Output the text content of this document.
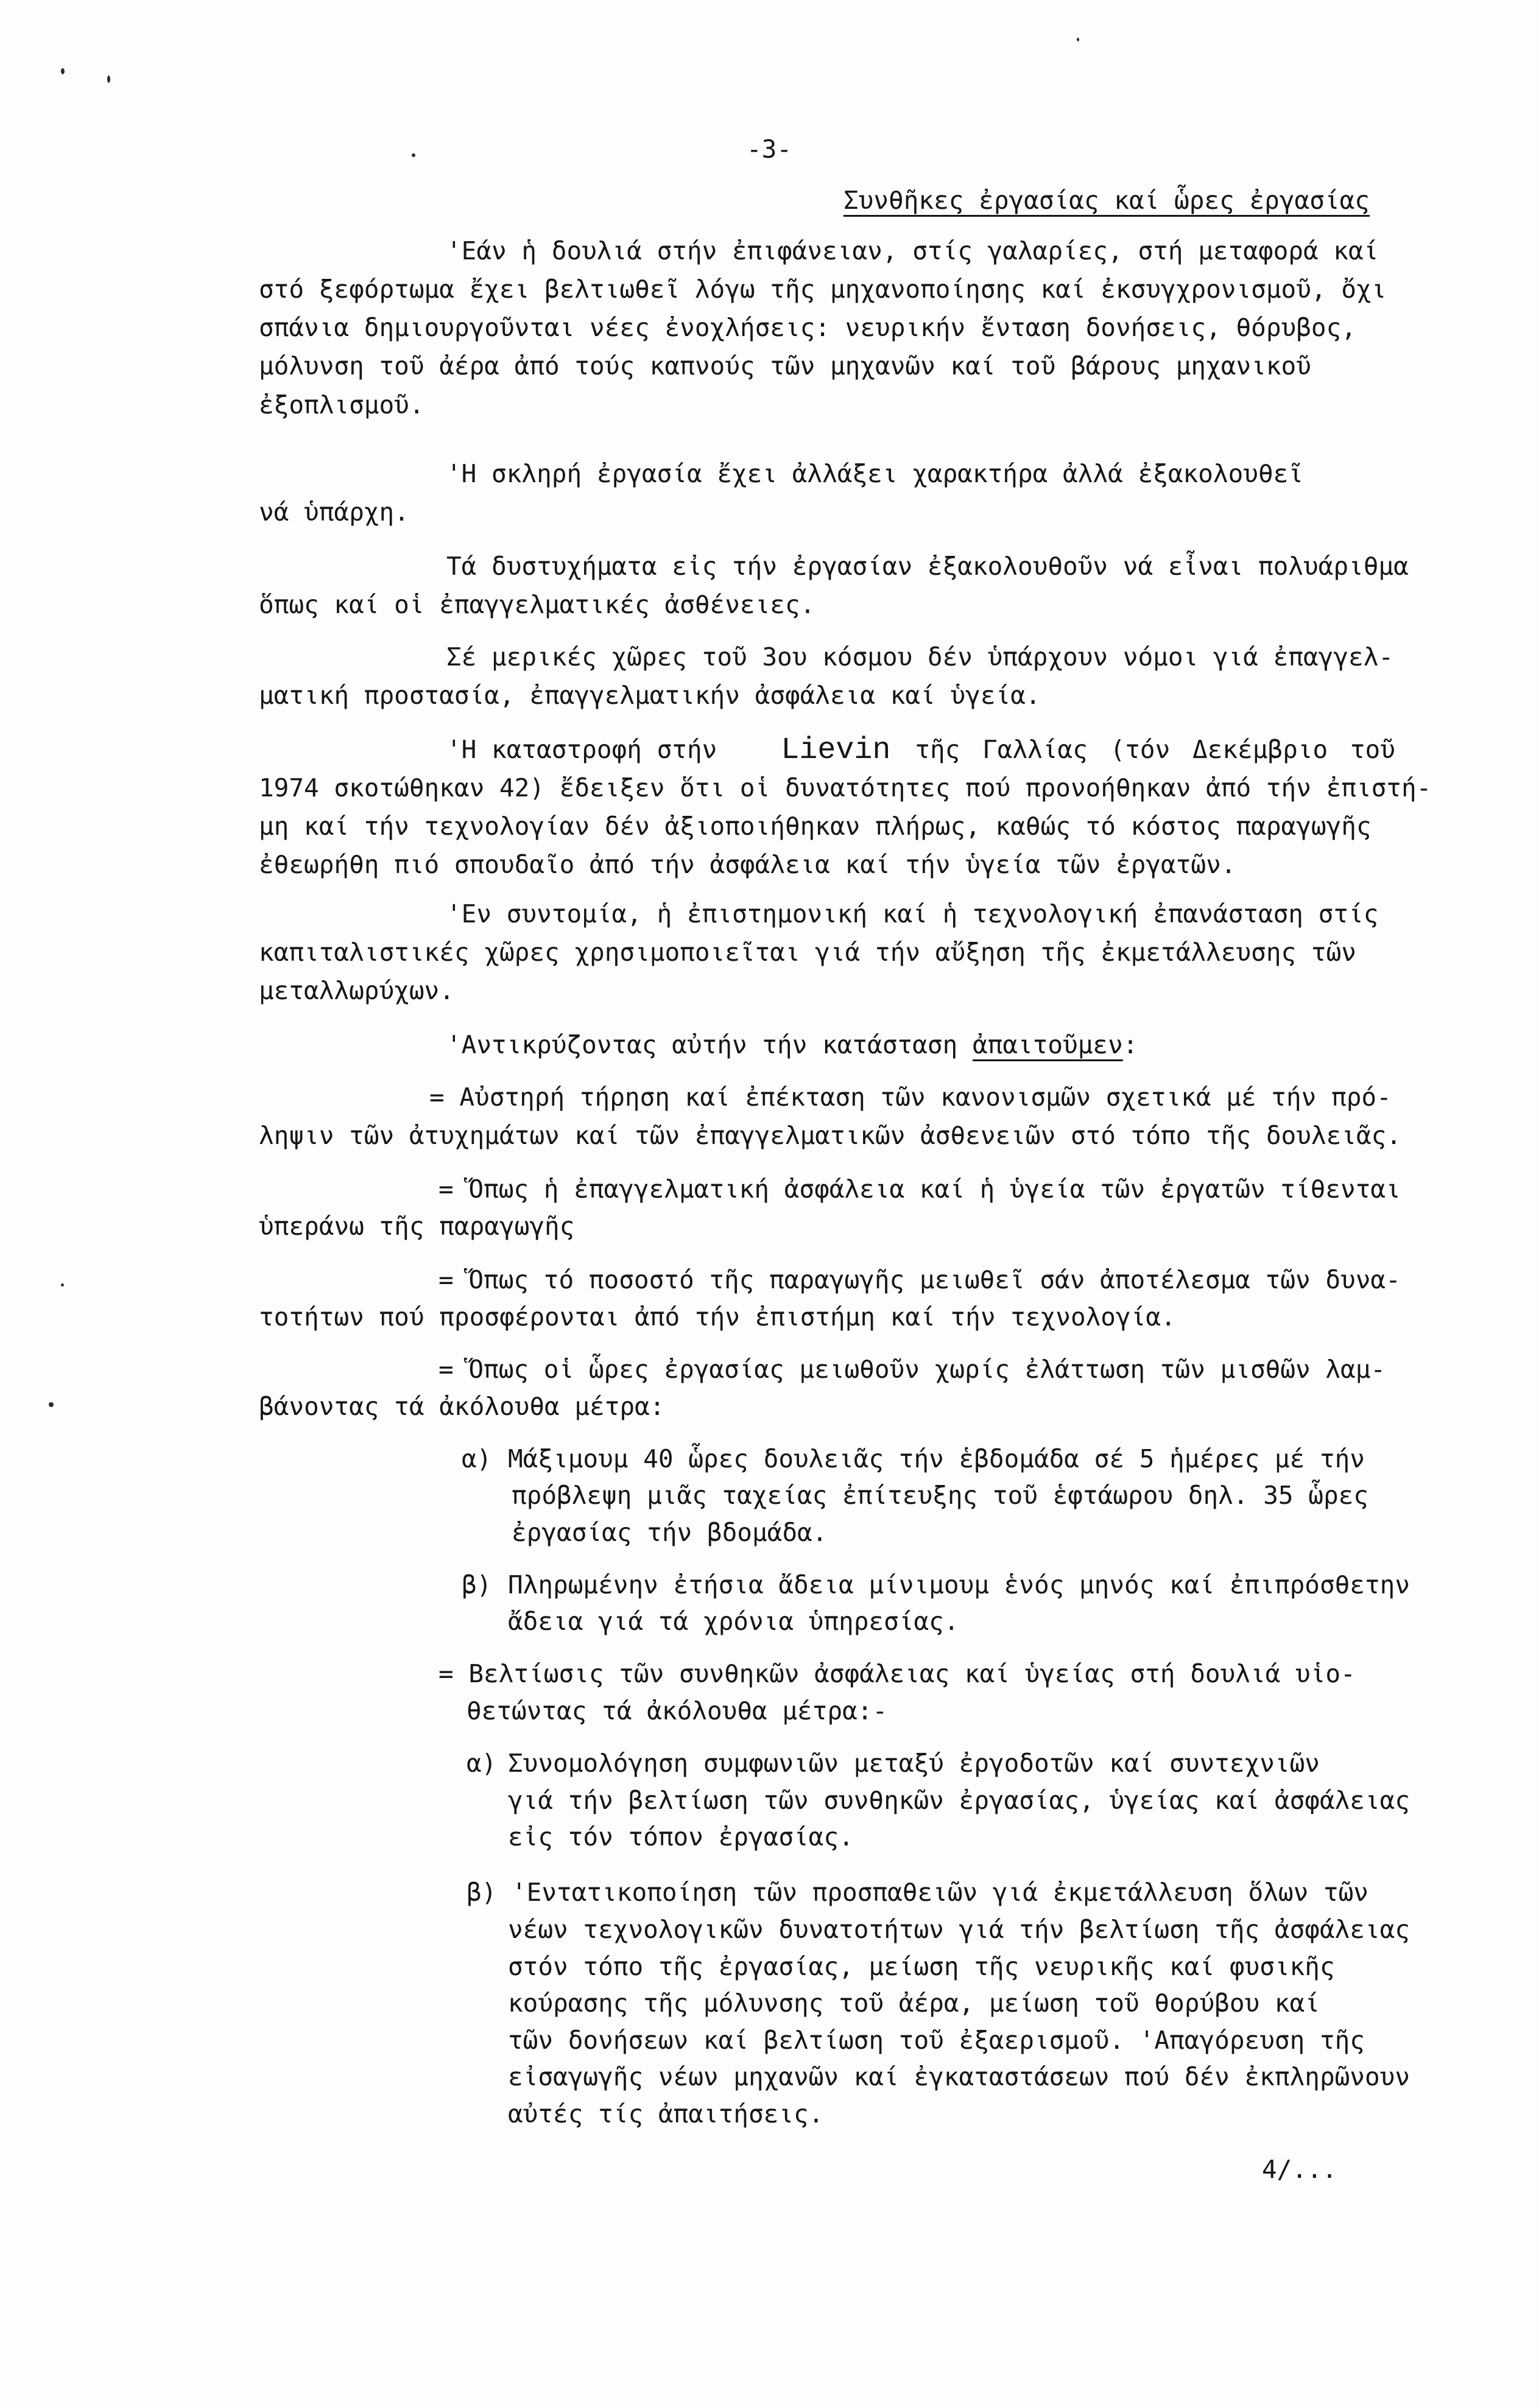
-3-
Συνθῆκες ἐργασίας καί ὧρες ἐργασίας
'Εάν ἡ δουλιά στήν ἐπιφάνειαν, στίς γαλαρίες, στή μεταφορά καί
στό ξεφόρτωμα ἔχει βελτιωθεῖ λόγω τῆς μηχανοποίησης καί ἐκσυγχρονισμοῦ, ὄχι
σπάνια δημιουργοῦνται νέες ἐνοχλήσεις: νευρικήν ἔνταση δονήσεις, θόρυβος,
μόλυνση τοῦ ἀέρα ἀπό τούς καπνούς τῶν μηχανῶν καί τοῦ βάρους μηχανικοῦ
ἐξοπλισμοῦ.
'Η σκληρή ἐργασία ἔχει ἀλλάξει χαρακτήρα ἀλλά ἐξακολουθεῖ
νά ὑπάρχη.
Τά δυστυχήματα εἰς τήν ἐργασίαν ἐξακολουθοῦν νά εἶναι πολυάριθμα
ὅπως καί οἱ ἐπαγγελματικές ἀσθένειες.
Σέ μερικές χῶρες τοῦ 3ου κόσμου δέν ὑπάρχουν νόμοι γιά ἐπαγγελ-
ματική προστασία, ἐπαγγελματικήν ἀσφάλεια καί ὑγεία.
'Η καταστροφή στήν Lievin τῆς Γαλλίας (τόν Δεκέμβριο τοῦ
1974 σκοτώθηκαν 42) ἔδειξεν ὅτι οἱ δυνατότητες πού προνοήθηκαν ἀπό τήν ἐπιστή-
μη καί τήν τεχνολογίαν δέν ἀξιοποιήθηκαν πλήρως, καθώς τό κόστος παραγωγῆς
ἐθεωρήθη πιό σπουδαῖο ἀπό τήν ἀσφάλεια καί τήν ὑγεία τῶν ἐργατῶν.
'Εν συντομία, ἡ ἐπιστημονική καί ἡ τεχνολογική ἐπανάσταση στίς
καπιταλιστικές χῶρες χρησιμοποιεῖται γιά τήν αὔξηση τῆς ἐκμετάλλευσης τῶν
μεταλλωρύχων.
'Αντικρύζοντας αὐτήν τήν κατάσταση ἀπαιτοῦμεν:
= Αὐστηρή τήρηση καί ἐπέκταση τῶν κανονισμῶν σχετικά μέ τήν πρό-
ληψιν τῶν ἀτυχημάτων καί τῶν ἐπαγγελματικῶν ἀσθενειῶν στό τόπο τῆς δουλειᾶς.
= Ὅπως ἡ ἐπαγγελματική ἀσφάλεια καί ἡ ὑγεία τῶν ἐργατῶν τίθενται
ὑπεράνω τῆς παραγωγῆς
= Ὅπως τό ποσοστό τῆς παραγωγῆς μειωθεῖ σάν ἀποτέλεσμα τῶν δυνα-
τοτήτων πού προσφέρονται ἀπό τήν ἐπιστήμη καί τήν τεχνολογία.
= Ὅπως οἱ ὧρες ἐργασίας μειωθοῦν χωρίς ἐλάττωση τῶν μισθῶν λαμ-
βάνοντας τά ἀκόλουθα μέτρα:
α) Μάξιμουμ 40 ὧρες δουλειᾶς τήν ἑβδομάδα σέ 5 ἡμέρες μέ τήν
πρόβλεψη μιᾶς ταχείας ἐπίτευξης τοῦ ἑφτάωρου δηλ. 35 ὧρες
ἐργασίας τήν βδομάδα.
β) Πληρωμένην ἐτήσια ἄδεια μίνιμουμ ἑνός μηνός καί ἐπιπρόσθετην
ἄδεια γιά τά χρόνια ὑπηρεσίας.
= Βελτίωσις τῶν συνθηκῶν ἀσφάλειας καί ὑγείας στή δουλιά υἱο-
θετώντας τά ἀκόλουθα μέτρα:-
α) Συνομολόγηση συμφωνιῶν μεταξύ ἐργοδοτῶν καί συντεχνιῶν
γιά τήν βελτίωση τῶν συνθηκῶν ἐργασίας, ὑγείας καί ἀσφάλειας
εἰς τόν τόπον ἐργασίας.
β) 'Εντατικοποίηση τῶν προσπαθειῶν γιά ἐκμετάλλευση ὅλων τῶν
νέων τεχνολογικῶν δυνατοτήτων γιά τήν βελτίωση τῆς ἀσφάλειας
στόν τόπο τῆς ἐργασίας, μείωση τῆς νευρικῆς καί φυσικῆς
κούρασης τῆς μόλυνσης τοῦ ἀέρα, μείωση τοῦ θορύβου καί
τῶν δονήσεων καί βελτίωση τοῦ ἐξαερισμοῦ. 'Απαγόρευση τῆς
εἰσαγωγῆς νέων μηχανῶν καί ἐγκαταστάσεων πού δέν ἐκπληρῶνουν
αὐτές τίς ἀπαιτήσεις.
4/...
